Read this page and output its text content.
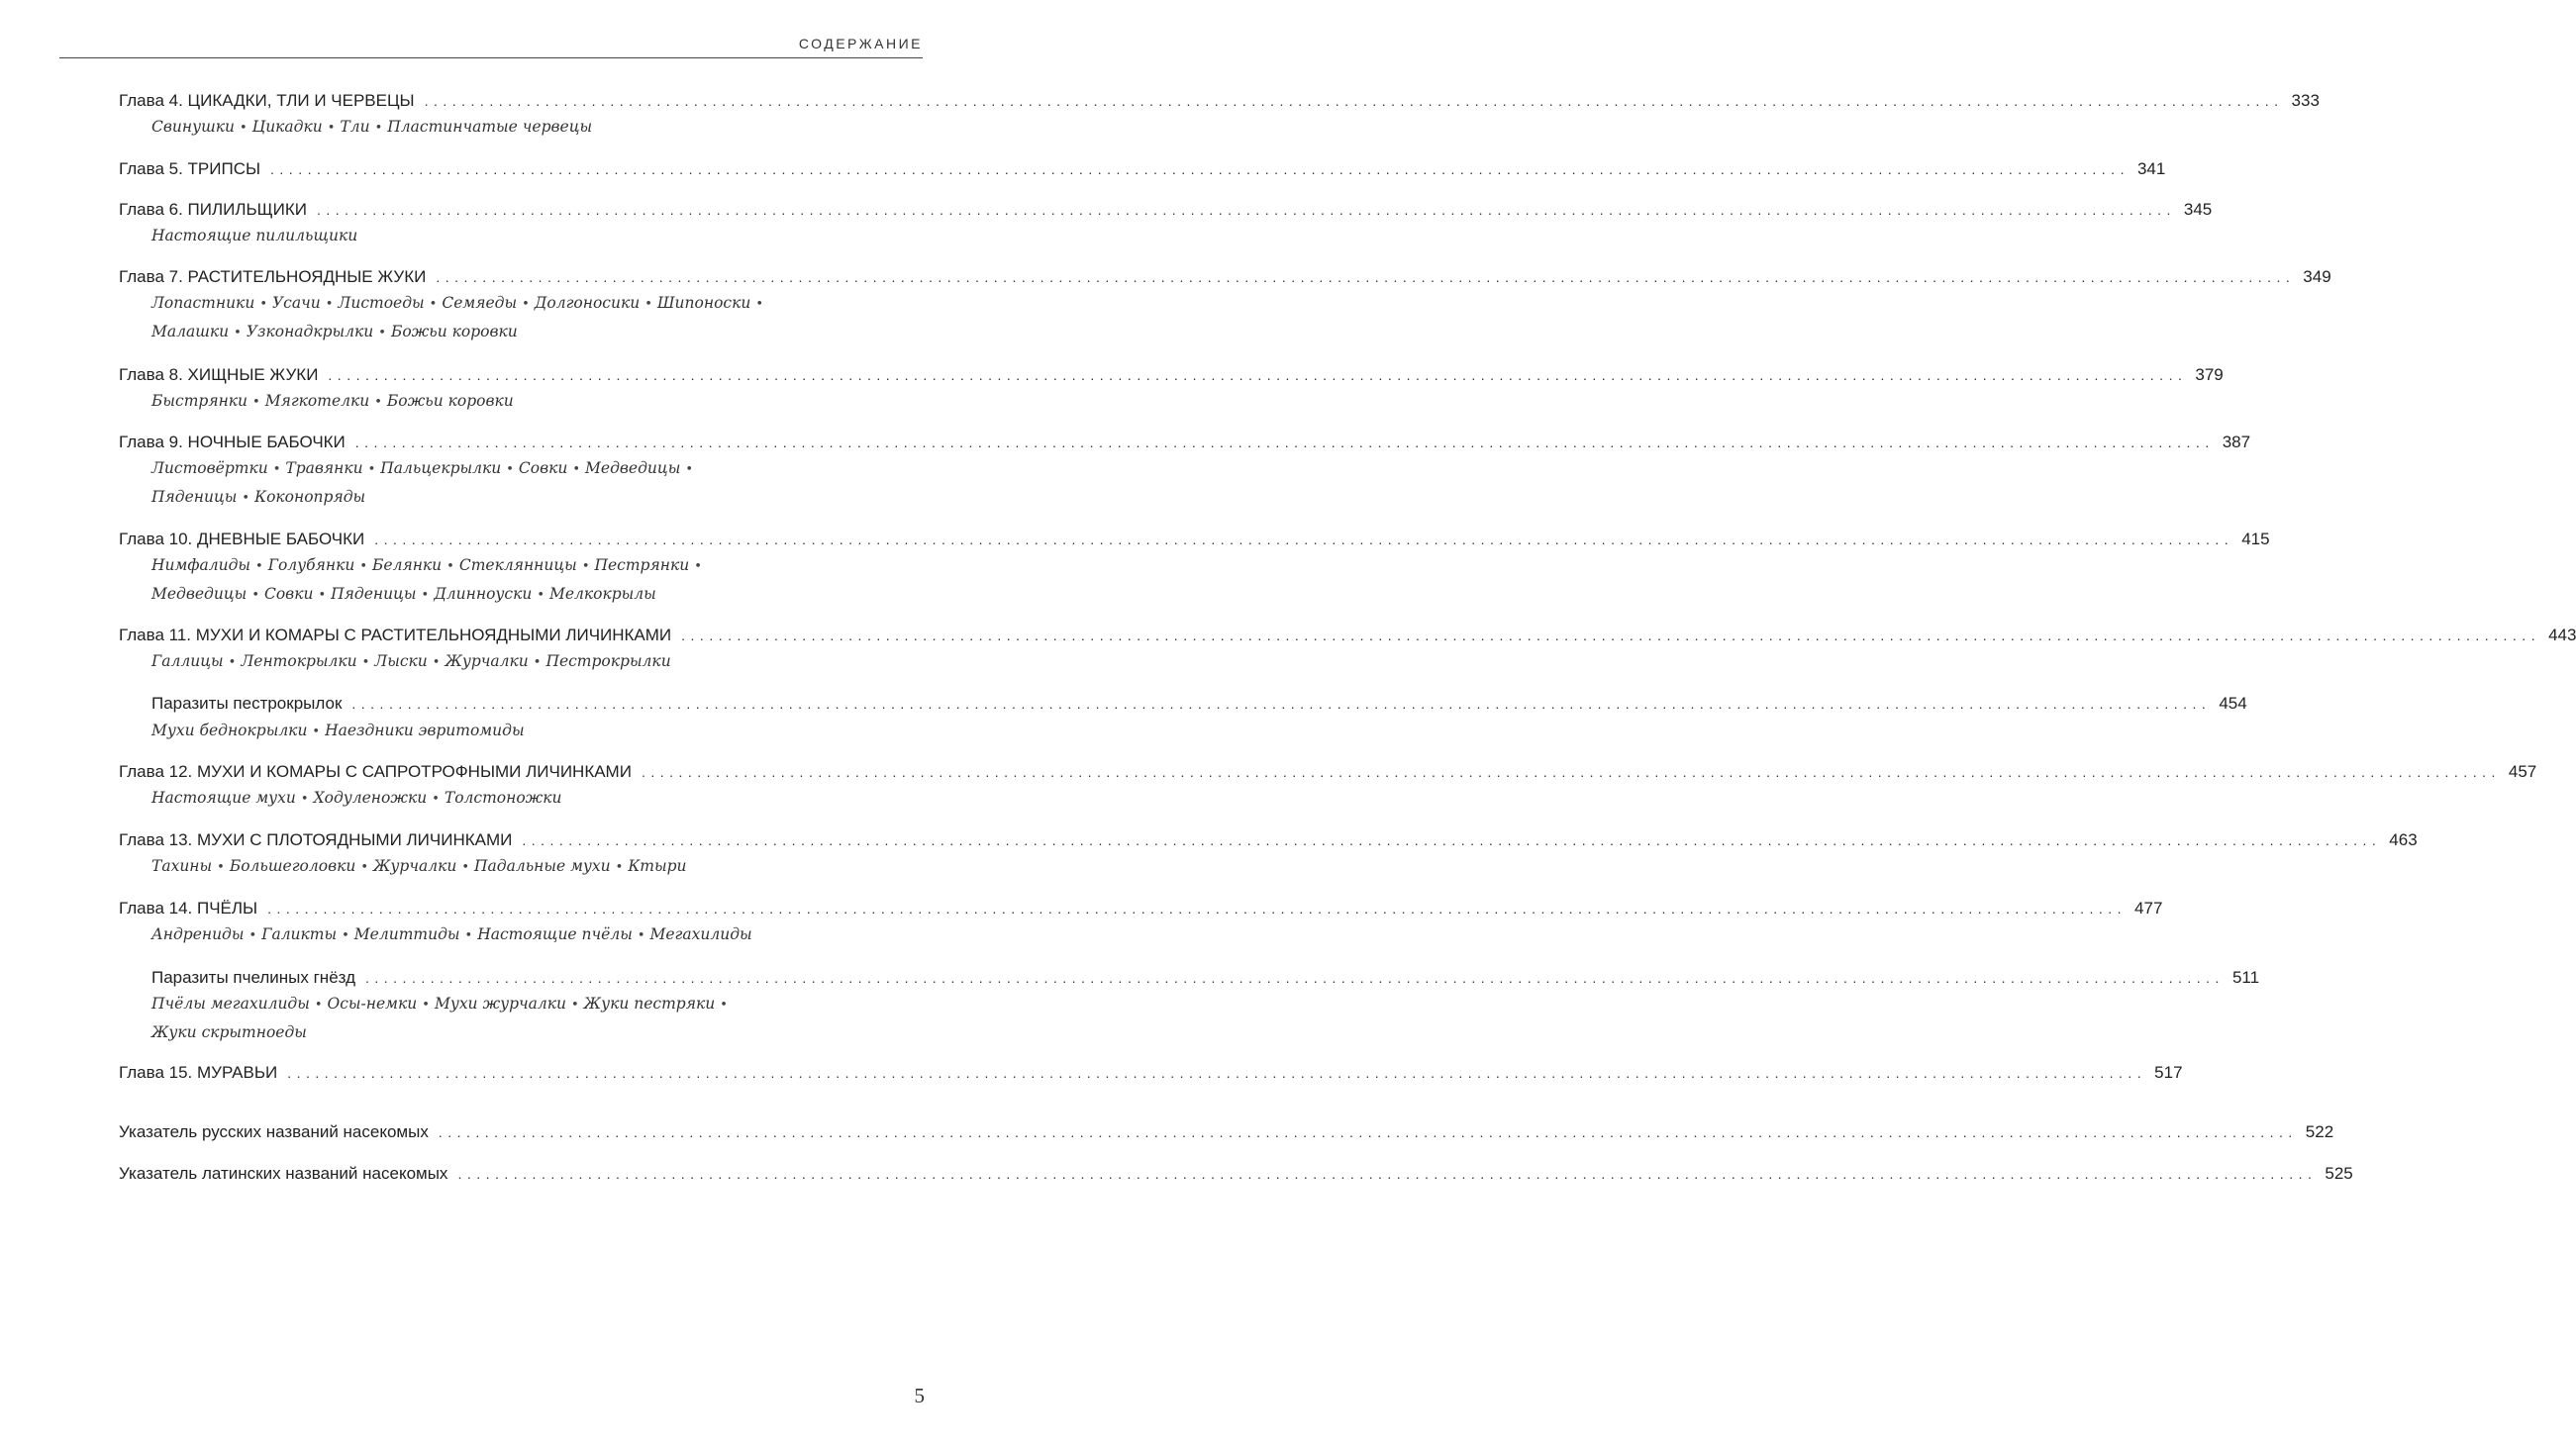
СОДЕРЖАНИЕ
Глава 4. ЦИКАДКИ, ТЛИ И ЧЕРВЕЦЫ ........................................................................................................................................................................................................ 333
Свинушки • Цикадки • Тли • Пластинчатые червецы
Глава 5. ТРИПСЫ ........................................................................................................................................................................................................ 341
Глава 6. ПИЛИЛЬЩИКИ ........................................................................................................................................................................................................ 345
Настоящие пилильщики
Глава 7. РАСТИТЕЛЬНОЯДНЫЕ ЖУКИ ........................................................................................................................................................................................................ 349
Лопастники • Усачи • Листоеды • Семяеды • Долгоносики • Шипоноски •
Малашки • Узконадкрылки • Божьи коровки
Глава 8. ХИЩНЫЕ ЖУКИ ........................................................................................................................................................................................................ 379
Быстрянки • Мягкотелки • Божьи коровки
Глава 9. НОЧНЫЕ БАБОЧКИ ........................................................................................................................................................................................................ 387
Листовёртки • Травянки • Пальцекрылки • Совки • Медведицы •
Пяденицы • Коконопряды
Глава 10. ДНЕВНЫЕ БАБОЧКИ ........................................................................................................................................................................................................ 415
Нимфалиды • Голубянки • Белянки • Стеклянницы • Пестрянки •
Медведицы • Совки • Пяденицы • Длинноуски • Мелкокрылы
Глава 11. МУХИ И КОМАРЫ С РАСТИТЕЛЬНОЯДНЫМИ ЛИЧИНКАМИ ........................................................................................................................................................................................................ 443
Галлицы • Лентокрылки • Лыски • Журчалки • Пестрокрылки
Паразиты пестрокрылок ........................................................................................................................................................................................................ 454
Мухи беднокрылки • Наездники эвритомиды
Глава 12. МУХИ И КОМАРЫ С САПРОТРОФНЫМИ ЛИЧИНКАМИ ........................................................................................................................................................................................................ 457
Настоящие мухи • Ходуленожки • Толстоножки
Глава 13. МУХИ С ПЛОТОЯДНЫМИ ЛИЧИНКАМИ ........................................................................................................................................................................................................ 463
Тахины • Большеголовки • Журчалки • Падальные мухи • Ктыри
Глава 14. ПЧЁЛЫ ........................................................................................................................................................................................................ 477
Андрениды • Галикты • Мелиттиды • Настоящие пчёлы • Мегахилиды
Паразиты пчелиных гнёзд ........................................................................................................................................................................................................ 511
Пчёлы мегахилиды • Осы-немки • Мухи журчалки • Жуки пестряки •
Жуки скрытноеды
Глава 15. МУРАВЬИ ........................................................................................................................................................................................................ 517
Указатель русских названий насекомых ........................................................................................................................................................................................................ 522
Указатель латинских названий насекомых ........................................................................................................................................................................................................ 525
5
